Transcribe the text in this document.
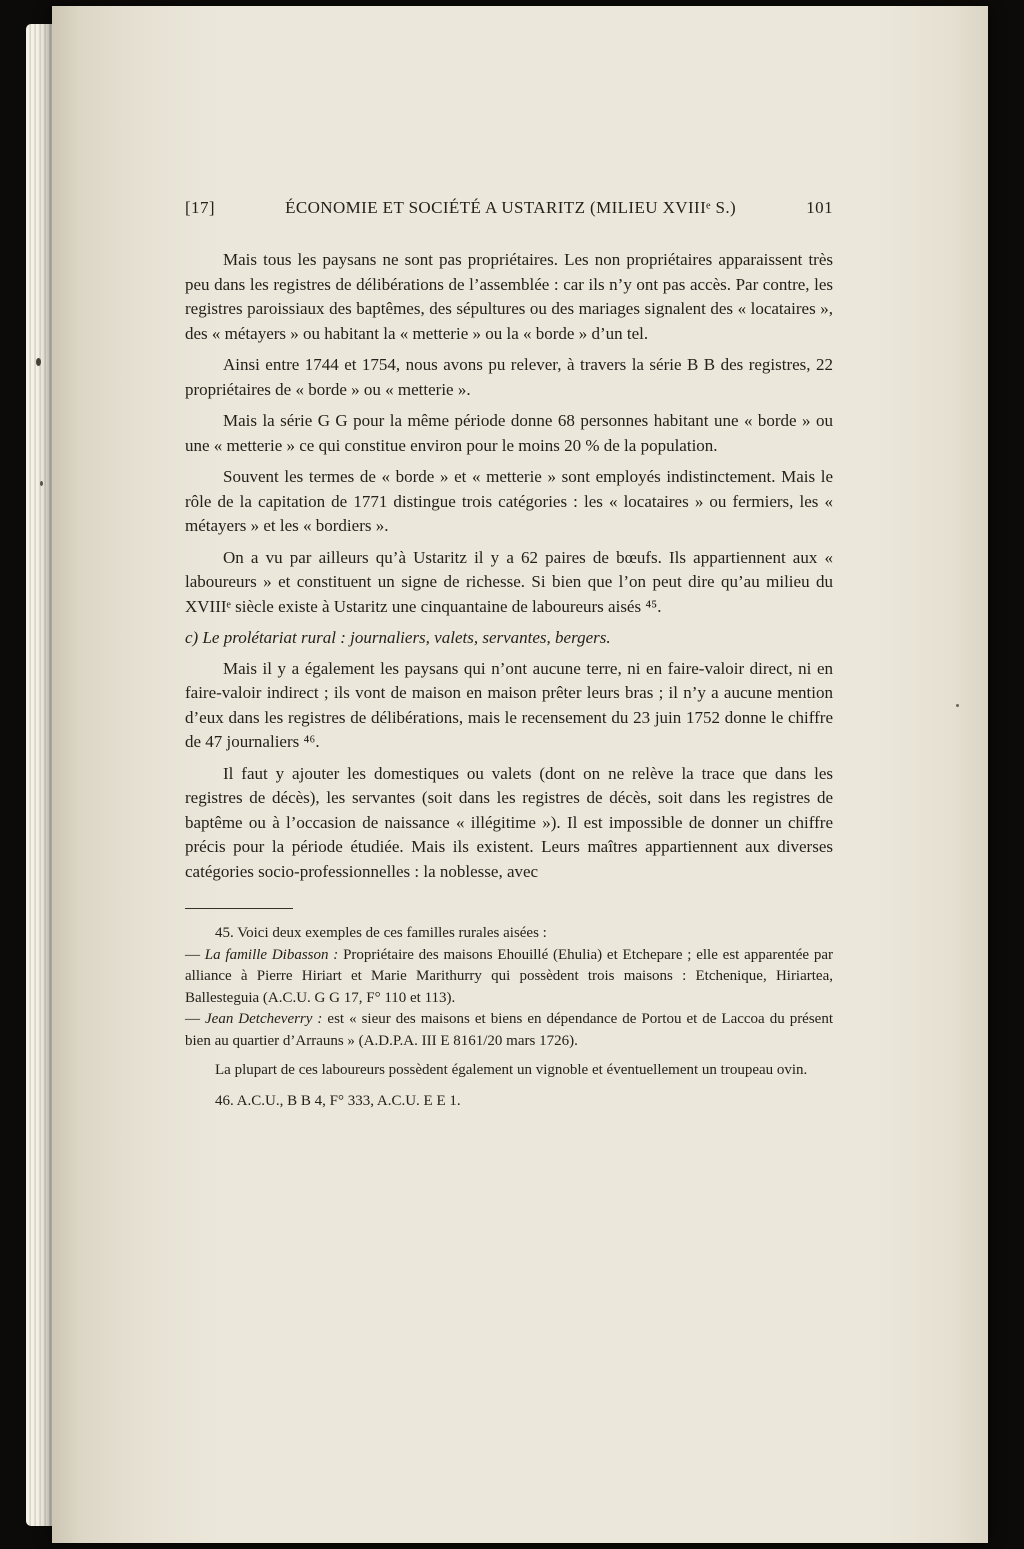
[17]	ÉCONOMIE ET SOCIÉTÉ A USTARITZ (MILIEU XVIIIᵉ S.)	101

Mais tous les paysans ne sont pas propriétaires. Les non propriétaires apparaissent très peu dans les registres de délibérations de l’assemblée : car ils n’y ont pas accès. Par contre, les registres paroissiaux des baptêmes, des sépultures ou des mariages signalent des « locataires », des « métayers » ou habitant la « metterie » ou la « borde » d’un tel.

Ainsi entre 1744 et 1754, nous avons pu relever, à travers la série B B des registres, 22 propriétaires de « borde » ou « metterie ».

Mais la série G G pour la même période donne 68 personnes habitant une « borde » ou une « metterie » ce qui constitue environ pour le moins 20 % de la population.

Souvent les termes de « borde » et « metterie » sont employés indistinctement. Mais le rôle de la capitation de 1771 distingue trois catégories : les « locataires » ou fermiers, les « métayers » et les « bordiers ».

On a vu par ailleurs qu’à Ustaritz il y a 62 paires de bœufs. Ils appartiennent aux « laboureurs » et constituent un signe de richesse. Si bien que l’on peut dire qu’au milieu du XVIIIᵉ siècle existe à Ustaritz une cinquantaine de laboureurs aisés ⁴⁵.

c) Le prolétariat rural : journaliers, valets, servantes, bergers.

Mais il y a également les paysans qui n’ont aucune terre, ni en faire-valoir direct, ni en faire-valoir indirect ; ils vont de maison en maison prêter leurs bras ; il n’y a aucune mention d’eux dans les registres de délibérations, mais le recensement du 23 juin 1752 donne le chiffre de 47 journaliers ⁴⁶.

Il faut y ajouter les domestiques ou valets (dont on ne relève la trace que dans les registres de décès), les servantes (soit dans les registres de décès, soit dans les registres de baptême ou à l’occasion de naissance « illégitime »). Il est impossible de donner un chiffre précis pour la période étudiée. Mais ils existent. Leurs maîtres appartiennent aux diverses catégories socio-professionnelles : la noblesse, avec

45. Voici deux exemples de ces familles rurales aisées :

— La famille Dibasson : Propriétaire des maisons Ehouillé (Ehulia) et Etchepare ; elle est apparentée par alliance à Pierre Hiriart et Marie Marithurry qui possèdent trois maisons : Etchenique, Hiriartea, Ballesteguia (A.C.U. G G 17, F° 110 et 113).

— Jean Detcheverry : est « sieur des maisons et biens en dépendance de Portou et de Laccoa du présent bien au quartier d’Arrauns » (A.D.P.A. III E 8161/20 mars 1726).

La plupart de ces laboureurs possèdent également un vignoble et éventuellement un troupeau ovin.

46. A.C.U., B B 4, F° 333, A.C.U. E E 1.
